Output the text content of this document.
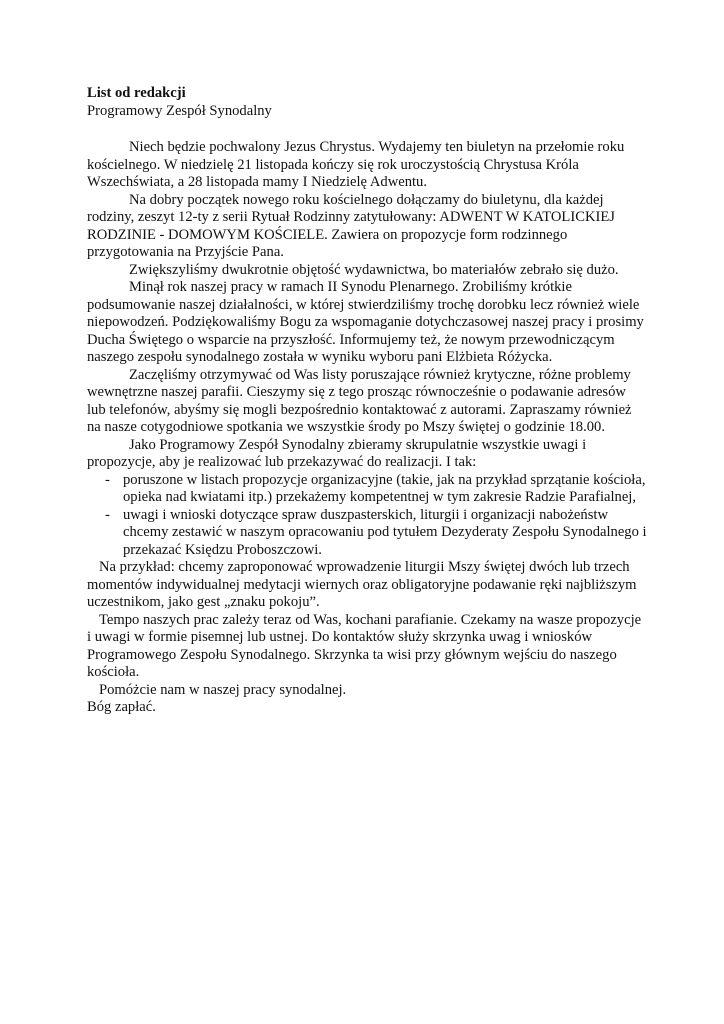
List od redakcji

Programowy Zespół Synodalny

Niech będzie pochwalony Jezus Chrystus. Wydajemy ten biuletyn na przełomie roku kościelnego. W niedzielę 21 listopada kończy się rok uroczystością Chrystusa Króla Wszechświata, a 28 listopada mamy I Niedzielę Adwentu.

Na dobry początek nowego roku kościelnego dołączamy do biuletynu, dla każdej rodziny, zeszyt 12-ty z serii Rytuał Rodzinny zatytułowany: ADWENT W KATOLICKIEJ RODZINIE - DOMOWYM KOŚCIELE. Zawiera on propozycje form rodzinnego przygotowania na Przyjście Pana.

Zwiększyliśmy dwukrotnie objętość wydawnictwa, bo materiałów zebrało się dużo.

Minął rok naszej pracy w ramach II Synodu Plenarnego. Zrobiliśmy krótkie podsumowanie naszej działalności, w której stwierdziliśmy trochę dorobku lecz również wiele niepowodzeń. Podziękowaliśmy Bogu za wspomaganie dotychczasowej naszej pracy i prosimy Ducha Świętego o wsparcie na przyszłość. Informujemy też, że nowym przewodniczącym naszego zespołu synodalnego została w wyniku wyboru pani Elżbieta Różycka.

Zaczęliśmy otrzymywać od Was listy poruszające również krytyczne, różne problemy wewnętrzne naszej parafii. Cieszymy się z tego prosząc równocześnie o podawanie adresów lub telefonów, abyśmy się mogli bezpośrednio kontaktować z autorami. Zapraszamy również na nasze cotygodniowe spotkania we wszystkie środy po Mszy świętej o godzinie 18.00.

Jako Programowy Zespół Synodalny zbieramy skrupulatnie wszystkie uwagi i propozycje, aby je realizować lub przekazywać do realizacji. I tak:

- poruszone w listach propozycje organizacyjne (takie, jak na przykład sprzątanie kościoła, opieka nad kwiatami itp.) przekażemy kompetentnej w tym zakresie Radzie Parafialnej,
- uwagi i wnioski dotyczące spraw duszpasterskich, liturgii i organizacji nabożeństw chcemy zestawić w naszym opracowaniu pod tytułem Dezyderaty Zespołu Synodalnego i przekazać Księdzu Proboszczowi.

Na przykład: chcemy zaproponować wprowadzenie liturgii Mszy świętej dwóch lub trzech momentów indywidualnej medytacji wiernych oraz obligatoryjne podawanie ręki najbliższym uczestnikom, jako gest „znaku pokoju”.

Tempo naszych prac zależy teraz od Was, kochani parafianie. Czekamy na wasze propozycje i uwagi w formie pisemnej lub ustnej. Do kontaktów służy skrzynka uwag i wniosków Programowego Zespołu Synodalnego. Skrzynka ta wisi przy głównym wejściu do naszego kościoła.

Pomóżcie nam w naszej pracy synodalnej.

Bóg zapłać.
